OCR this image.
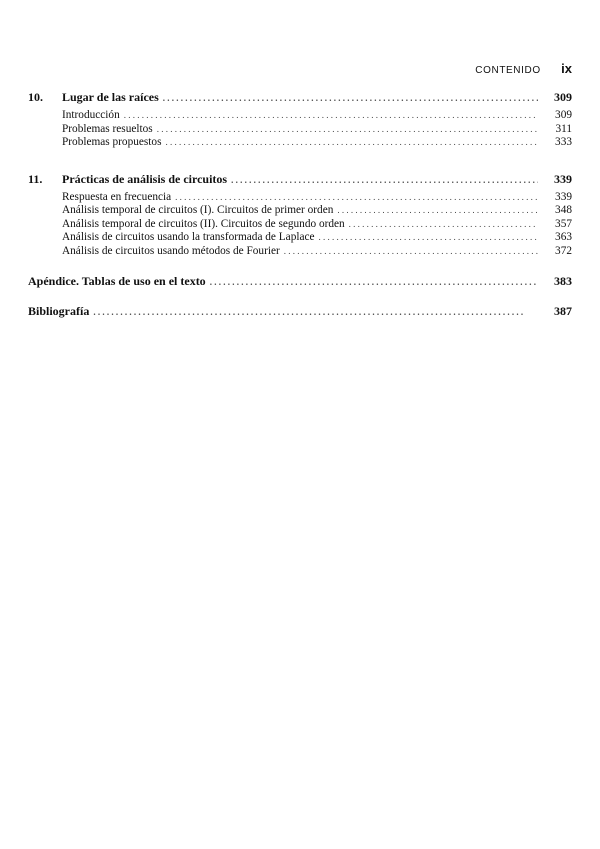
CONTENIDO ix
10.	Lugar de las raíces . . .	309
Introducción . . .	309
Problemas resueltos . . .	311
Problemas propuestos . . .	333
11.	Prácticas de análisis de circuitos . . .	339
Respuesta en frecuencia . . .	339
Análisis temporal de circuitos (I). Circuitos de primer orden . . .	348
Análisis temporal de circuitos (II). Circuitos de segundo orden . . .	357
Análisis de circuitos usando la transformada de Laplace . . .	363
Análisis de circuitos usando métodos de Fourier . . .	372
Apéndice. Tablas de uso en el texto . . .	383
Bibliografía . . .	387
